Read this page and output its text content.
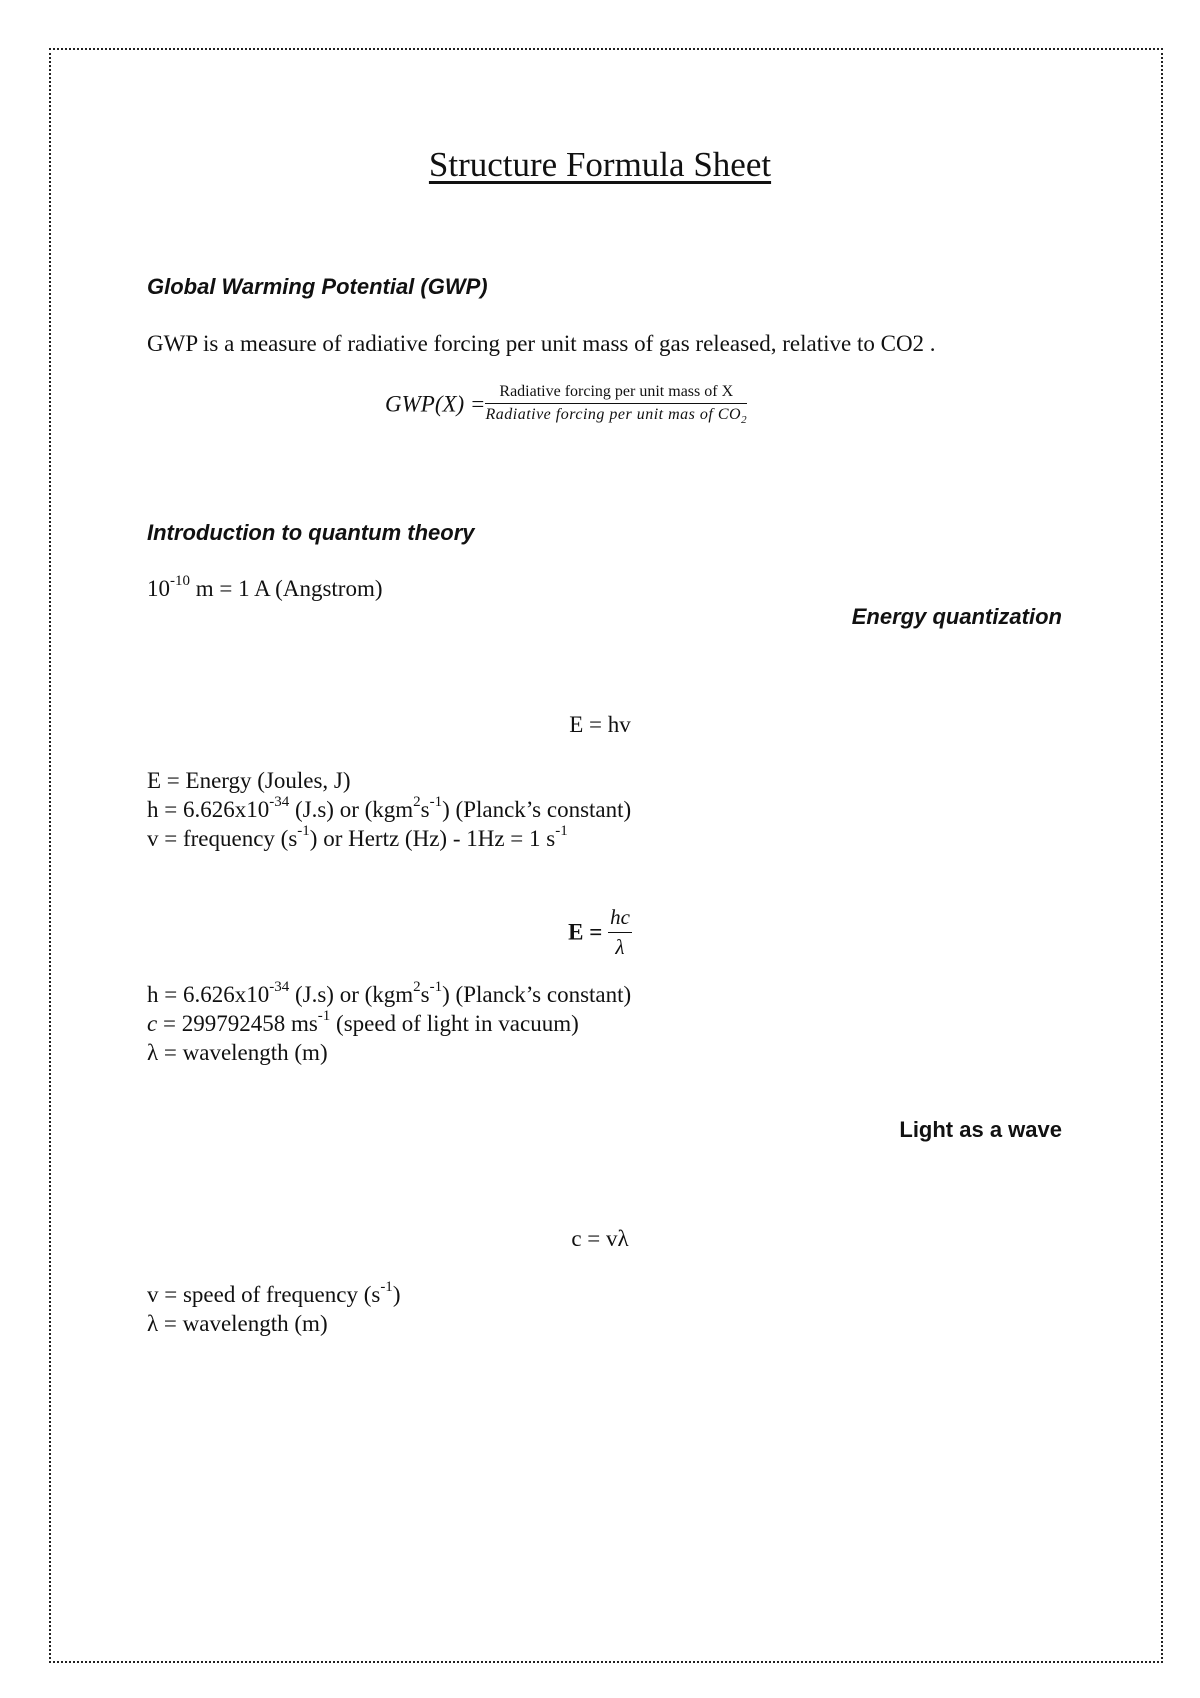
Structure Formula Sheet
Global Warming Potential (GWP)
GWP is a measure of radiative forcing per unit mass of gas released, relative to CO2 .
$GWP(X) = \frac{\text{Radiative forcing per unit mass of X}}{Radiative forcing per unit mas of CO_2}$
Introduction to quantum theory
$10^{-10}$ m = 1 A (Angstrom)
Energy quantization
E = hv
E = Energy (Joules, J)
$h = 6.626x10^{-34}$ (J.s) or $(kgm^2s^{-1})$ (Planck’s constant)
v = frequency $(s^{-1})$ or Hertz (Hz) - 1Hz = 1 $s^{-1}$
$E = \frac{hc}{\lambda}$
$h = 6.626x10^{-34}$ (J.s) or $(kgm^2s^{-1})$ (Planck’s constant)
c = 299792458 $ms^{-1}$ (speed of light in vacuum)
λ = wavelength (m)
Light as a wave
c = vλ
v = speed of frequency $(s^{-1})$
λ = wavelength (m)
